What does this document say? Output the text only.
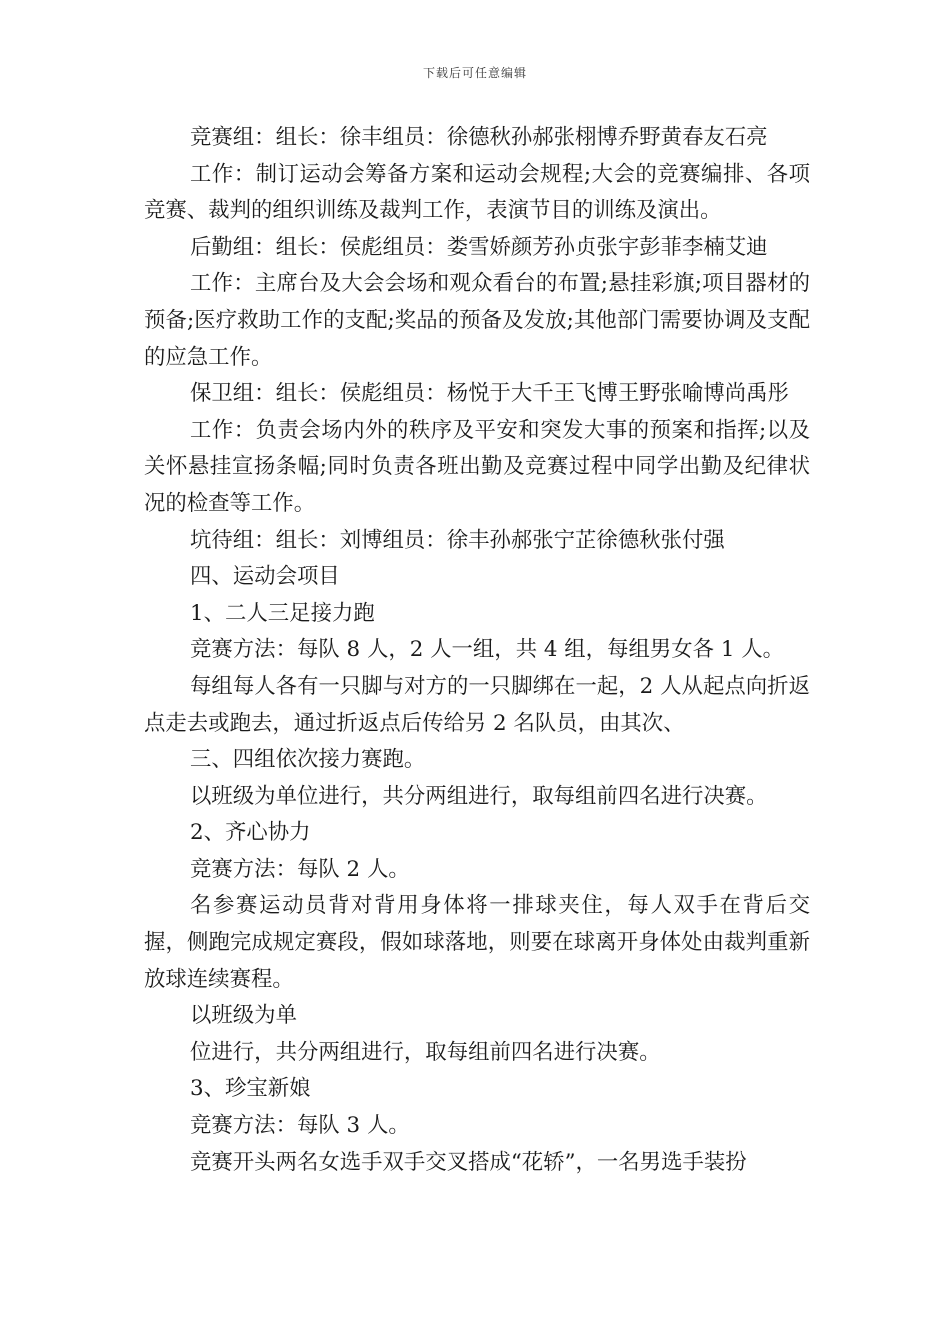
下载后可任意编辑

竞赛组：组长：徐丰组员：徐德秋孙郝张栩博乔野黄春友石亮

工作：制订运动会筹备方案和运动会规程;大会的竞赛编排、各项竞赛、裁判的组织训练及裁判工作，表演节目的训练及演出。

后勤组：组长：侯彪组员：娄雪娇颜芳孙贞张宇彭菲李楠艾迪

工作：主席台及大会会场和观众看台的布置;悬挂彩旗;项目器材的预备;医疗救助工作的支配;奖品的预备及发放;其他部门需要协调及支配的应急工作。

保卫组：组长：侯彪组员：杨悦于大千王飞博王野张喻博尚禹彤

工作：负责会场内外的秩序及平安和突发大事的预案和指挥;以及关怀悬挂宣扬条幅;同时负责各班出勤及竞赛过程中同学出勤及纪律状况的检查等工作。

坑待组：组长：刘博组员：徐丰孙郝张宁芷徐德秋张付强

四、运动会项目

1、二人三足接力跑

竞赛方法：每队 8 人，2 人一组，共 4 组，每组男女各 1 人。

每组每人各有一只脚与对方的一只脚绑在一起，2 人从起点向折返点走去或跑去，通过折返点后传给另 2 名队员，由其次、

三、四组依次接力赛跑。

以班级为单位进行，共分两组进行，取每组前四名进行决赛。

2、齐心协力

竞赛方法：每队 2 人。

名参赛运动员背对背用身体将一排球夹住，每人双手在背后交握，侧跑完成规定赛段，假如球落地，则要在球离开身体处由裁判重新放球连续赛程。

以班级为单

位进行，共分两组进行，取每组前四名进行决赛。

3、珍宝新娘

竞赛方法：每队 3 人。

竞赛开头两名女选手双手交叉搭成“花轿”，一名男选手装扮
